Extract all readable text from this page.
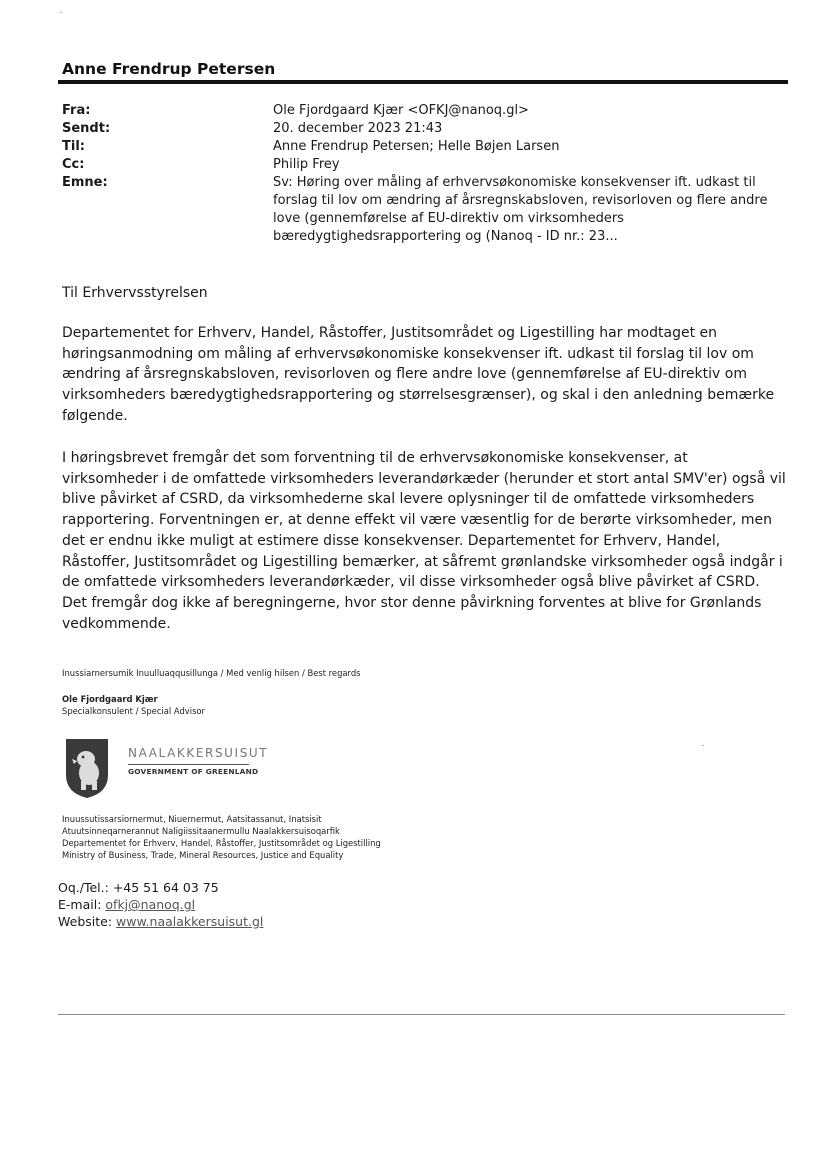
Anne Frendrup Petersen
Fra:	Ole Fjordgaard Kjær <OFKJ@nanoq.gl>
Sendt:	20. december 2023 21:43
Til:	Anne Frendrup Petersen; Helle Bøjen Larsen
Cc:	Philip Frey
Emne:	Sv: Høring over måling af erhvervsøkonomiske konsekvenser ift. udkast til forslag til lov om ændring af årsregnskabsloven, revisorloven og flere andre love (gennemførelse af EU-direktiv om virksomheders bæredygtighedsrapportering og (Nanoq - ID nr.: 23...
Til Erhvervsstyrelsen

Departementet for Erhverv, Handel, Råstoffer, Justitsområdet og Ligestilling har modtaget en høringsanmodning om måling af erhvervsøkonomiske konsekvenser ift. udkast til forslag til lov om ændring af årsregnskabsloven, revisorloven og flere andre love (gennemførelse af EU-direktiv om virksomheders bæredygtighedsrapportering og størrelsesgrænser), og skal i den anledning bemærke følgende.

I høringsbrevet fremgår det som forventning til de erhvervsøkonomiske konsekvenser, at virksomheder i de omfattede virksomheders leverandørkæder (herunder et stort antal SMV'er) også vil blive påvirket af CSRD, da virksomhederne skal levere oplysninger til de omfattede virksomheders rapportering. Forventningen er, at denne effekt vil være væsentlig for de berørte virksomheder, men det er endnu ikke muligt at estimere disse konsekvenser. Departementet for Erhverv, Handel, Råstoffer, Justitsområdet og Ligestilling bemærker, at såfremt grønlandske virksomheder også indgår i de omfattede virksomheders leverandørkæder, vil disse virksomheder også blive påvirket af CSRD. Det fremgår dog ikke af beregningerne, hvor stor denne påvirkning forventes at blive for Grønlands vedkommende.

Inussiarnersumik Inuulluaqqusillunga / Med venlig hilsen / Best regards
Ole Fjordgaard Kjær
Specialkonsulent / Special Advisor
NAALAKKERSUISUT
GOVERNMENT OF GREENLAND
Inuussutissarsiornermut, Niuernermut, Aatsitassanut, Inatsisit
Atuutsinneqarnerannut Naligiissitaanermullu Naalakkersuisoqarfik
Departementet for Erhverv, Handel, Råstoffer, Justitsområdet og Ligestilling
Ministry of Business, Trade, Mineral Resources, Justice and Equality
Oq./Tel.: +45 51 64 03 75
E-mail: ofkj@nanoq.gl
Website: www.naalakkersuisut.gl
